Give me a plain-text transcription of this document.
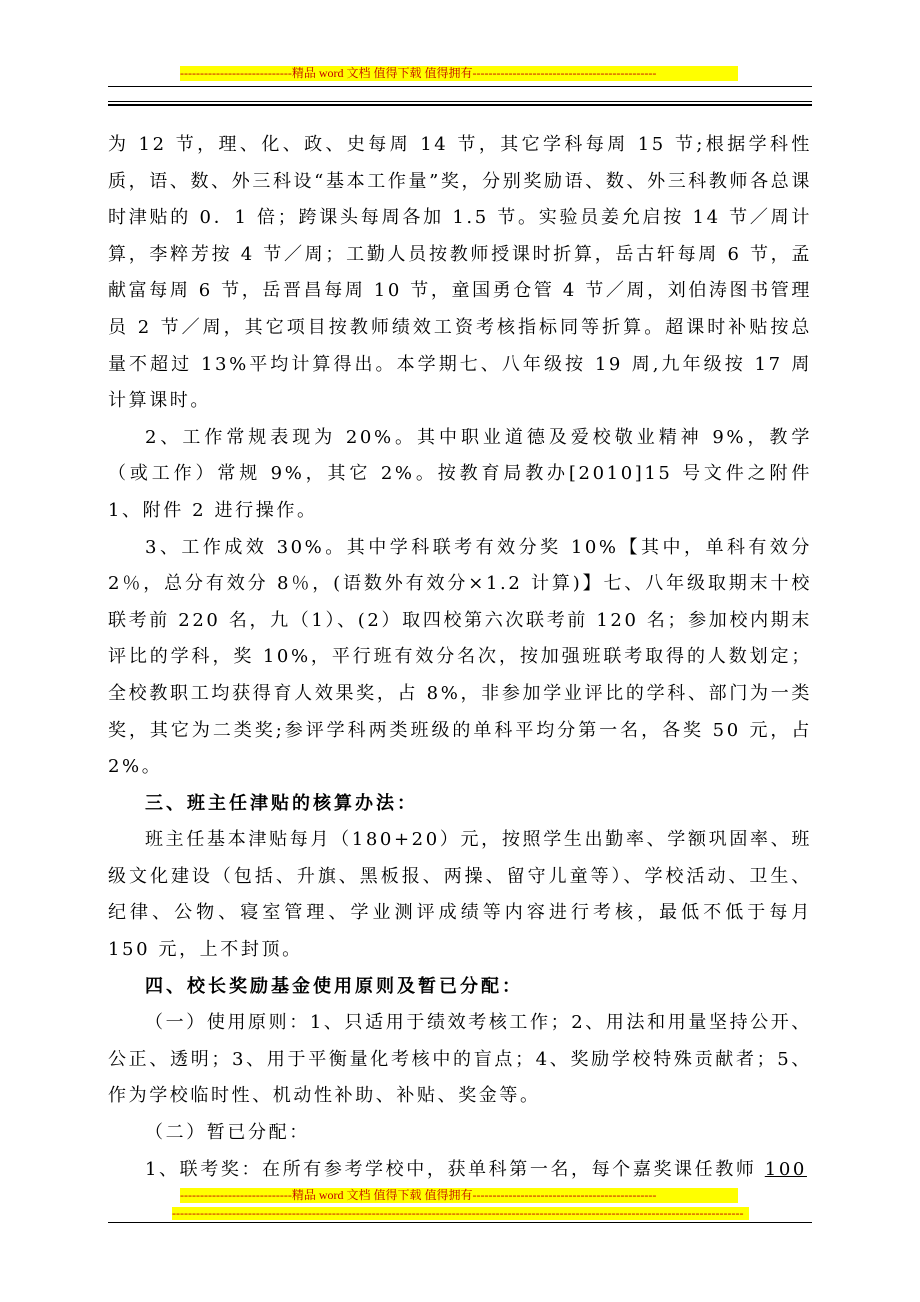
----------------------------精品 word 文档 值得下载 值得拥有----------------------------------------------

为 12 节，理、化、政、史每周 14 节，其它学科每周 15 节;根据学科性质，语、数、外三科设“基本工作量”奖，分别奖励语、数、外三科教师各总课时津贴的 0．1 倍；跨课头每周各加 1.5 节。实验员姜允启按 14 节／周计算，李粹芳按 4 节／周；工勤人员按教师授课时折算，岳古轩每周 6 节，孟献富每周 6 节，岳晋昌每周 10 节，童国勇仓管 4 节／周，刘伯涛图书管理员 2 节／周，其它项目按教师绩效工资考核指标同等折算。超课时补贴按总量不超过 13%平均计算得出。本学期七、八年级按 19 周,九年级按 17 周计算课时。

2、工作常规表现为 20%。其中职业道德及爱校敬业精神 9%，教学（或工作）常规 9%，其它 2%。按教育局教办[2010]15 号文件之附件 1、附件 2 进行操作。

3、工作成效 30%。其中学科联考有效分奖 10%【其中，单科有效分 2％，总分有效分 8％，(语数外有效分×1.2 计算)】七、八年级取期末十校联考前 220 名，九（1）、(2）取四校第六次联考前 120 名；参加校内期末评比的学科，奖 10%，平行班有效分名次，按加强班联考取得的人数划定；全校教职工均获得育人效果奖，占 8%，非参加学业评比的学科、部门为一类奖，其它为二类奖;参评学科两类班级的单科平均分第一名，各奖 50 元，占 2%。

三、班主任津贴的核算办法：

班主任基本津贴每月（180+20）元，按照学生出勤率、学额巩固率、班级文化建设（包括、升旗、黑板报、两操、留守儿童等）、学校活动、卫生、纪律、公物、寝室管理、学业测评成绩等内容进行考核，最低不低于每月 150 元，上不封顶。

四、校长奖励基金使用原则及暂已分配：

（一）使用原则：1、只适用于绩效考核工作；2、用法和用量坚持公开、公正、透明；3、用于平衡量化考核中的盲点；4、奖励学校特殊贡献者；5、作为学校临时性、机动性补助、补贴、奖金等。

（二）暂已分配：

1、联考奖：在所有参考学校中，获单科第一名，每个嘉奖课任教师 100

----------------------------精品 word 文档 值得下载 值得拥有----------------------------------------------
-----------------------------------------------------------------------------------------------------------------------------------------------
